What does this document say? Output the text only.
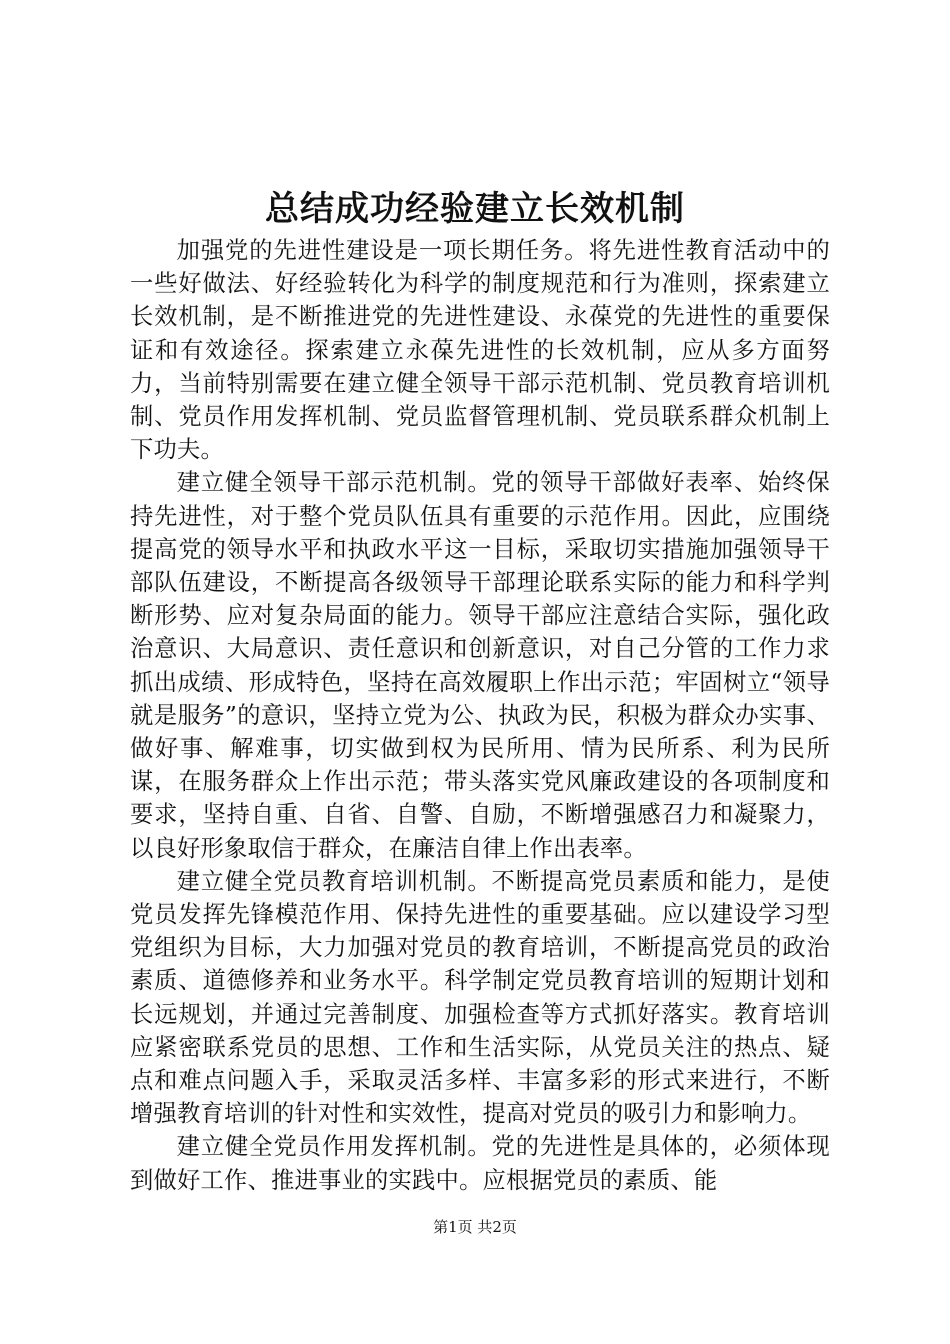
总结成功经验建立长效机制

加强党的先进性建设是一项长期任务。将先进性教育活动中的一些好做法、好经验转化为科学的制度规范和行为准则，探索建立长效机制，是不断推进党的先进性建设、永葆党的先进性的重要保证和有效途径。探索建立永葆先进性的长效机制，应从多方面努力，当前特别需要在建立健全领导干部示范机制、党员教育培训机制、党员作用发挥机制、党员监督管理机制、党员联系群众机制上下功夫。

建立健全领导干部示范机制。党的领导干部做好表率、始终保持先进性，对于整个党员队伍具有重要的示范作用。因此，应围绕提高党的领导水平和执政水平这一目标，采取切实措施加强领导干部队伍建设，不断提高各级领导干部理论联系实际的能力和科学判断形势、应对复杂局面的能力。领导干部应注意结合实际，强化政治意识、大局意识、责任意识和创新意识，对自己分管的工作力求抓出成绩、形成特色，坚持在高效履职上作出示范；牢固树立“领导就是服务”的意识，坚持立党为公、执政为民，积极为群众办实事、做好事、解难事，切实做到权为民所用、情为民所系、利为民所谋，在服务群众上作出示范；带头落实党风廉政建设的各项制度和要求，坚持自重、自省、自警、自励，不断增强感召力和凝聚力，以良好形象取信于群众，在廉洁自律上作出表率。

建立健全党员教育培训机制。不断提高党员素质和能力，是使党员发挥先锋模范作用、保持先进性的重要基础。应以建设学习型党组织为目标，大力加强对党员的教育培训，不断提高党员的政治素质、道德修养和业务水平。科学制定党员教育培训的短期计划和长远规划，并通过完善制度、加强检查等方式抓好落实。教育培训应紧密联系党员的思想、工作和生活实际，从党员关注的热点、疑点和难点问题入手，采取灵活多样、丰富多彩的形式来进行，不断增强教育培训的针对性和实效性，提高对党员的吸引力和影响力。

建立健全党员作用发挥机制。党的先进性是具体的，必须体现到做好工作、推进事业的实践中。应根据党员的素质、能

第1页 共2页
